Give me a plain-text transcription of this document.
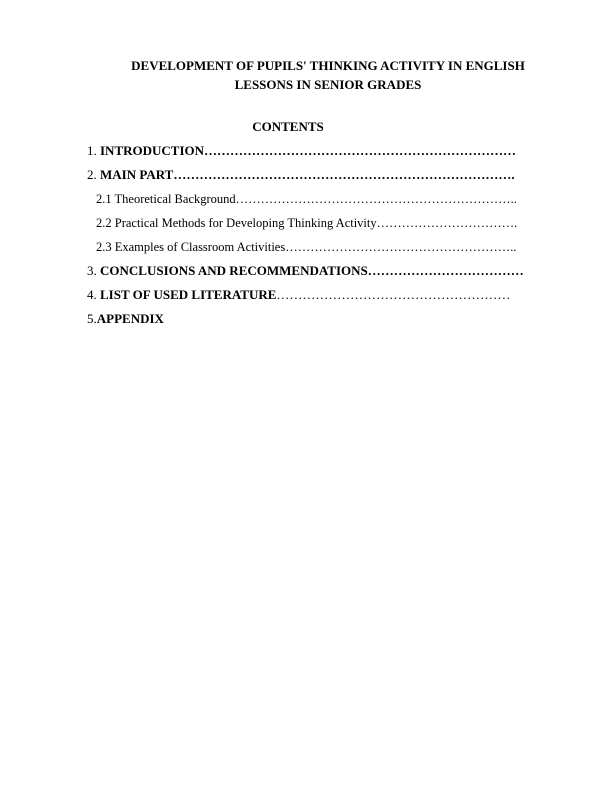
DEVELOPMENT OF PUPILS' THINKING ACTIVITY IN ENGLISH
LESSONS IN SENIOR GRADES
CONTENTS
1. INTRODUCTION………………………………………………………………
2. MAIN PART…………………………………………………………………….
2.1 Theoretical Background…………………………………………………………..
2.2 Practical Methods for Developing Thinking Activity…………………………….
2.3 Examples of Classroom Activities………………………………………………..
3. CONCLUSIONS AND RECOMMENDATIONS………………………………
4. LIST OF USED LITERATURE………………………………………………
5.APPENDIX
